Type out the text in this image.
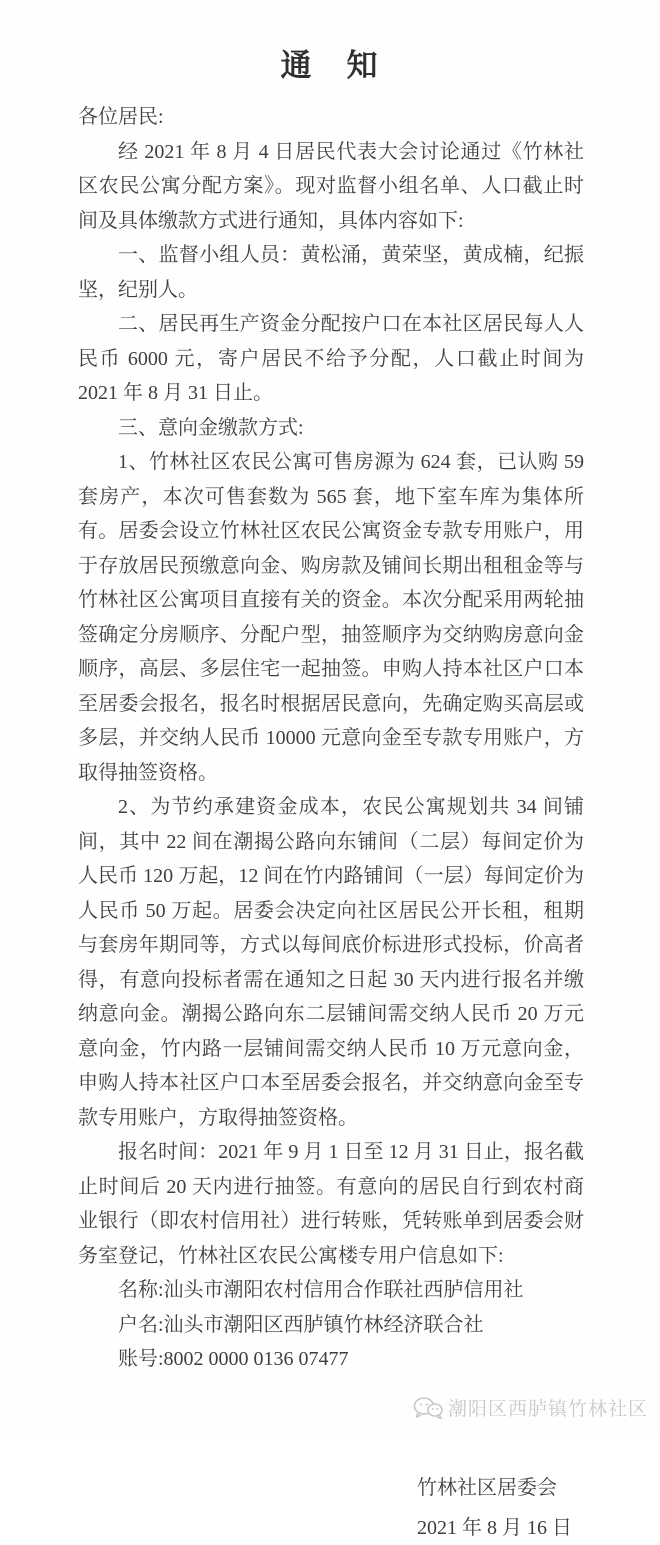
通　知

各位居民:

经 2021 年 8 月 4 日居民代表大会讨论通过《竹林社区农民公寓分配方案》。现对监督小组名单、人口截止时间及具体缴款方式进行通知，具体内容如下:

一、监督小组人员：黄松涌，黄荣坚，黄成楠，纪振坚，纪别人。

二、居民再生产资金分配按户口在本社区居民每人人民币 6000 元，寄户居民不给予分配，人口截止时间为 2021 年 8 月 31 日止。

三、意向金缴款方式:

1、竹林社区农民公寓可售房源为 624 套，已认购 59 套房产，本次可售套数为 565 套，地下室车库为集体所有。居委会设立竹林社区农民公寓资金专款专用账户，用于存放居民预缴意向金、购房款及铺间长期出租租金等与竹林社区公寓项目直接有关的资金。本次分配采用两轮抽签确定分房顺序、分配户型，抽签顺序为交纳购房意向金顺序，高层、多层住宅一起抽签。申购人持本社区户口本至居委会报名，报名时根据居民意向，先确定购买高层或多层，并交纳人民币 10000 元意向金至专款专用账户，方取得抽签资格。

2、为节约承建资金成本，农民公寓规划共 34 间铺间，其中 22 间在潮揭公路向东铺间（二层）每间定价为人民币 120 万起，12 间在竹内路铺间（一层）每间定价为人民币 50 万起。居委会决定向社区居民公开长租，租期与套房年期同等，方式以每间底价标进形式投标，价高者得，有意向投标者需在通知之日起 30 天内进行报名并缴纳意向金。潮揭公路向东二层铺间需交纳人民币 20 万元意向金，竹内路一层铺间需交纳人民币 10 万元意向金，申购人持本社区户口本至居委会报名，并交纳意向金至专款专用账户，方取得抽签资格。

报名时间：2021 年 9 月 1 日至 12 月 31 日止，报名截止时间后 20 天内进行抽签。有意向的居民自行到农村商业银行（即农村信用社）进行转账，凭转账单到居委会财务室登记，竹林社区农民公寓楼专用户信息如下:

名称:汕头市潮阳农村信用合作联社西胪信用社

户名:汕头市潮阳区西胪镇竹林经济联合社

账号:8002 0000 0136 07477

竹林社区居委会

2021 年 8 月 16 日

潮阳区西胪镇竹林社区
